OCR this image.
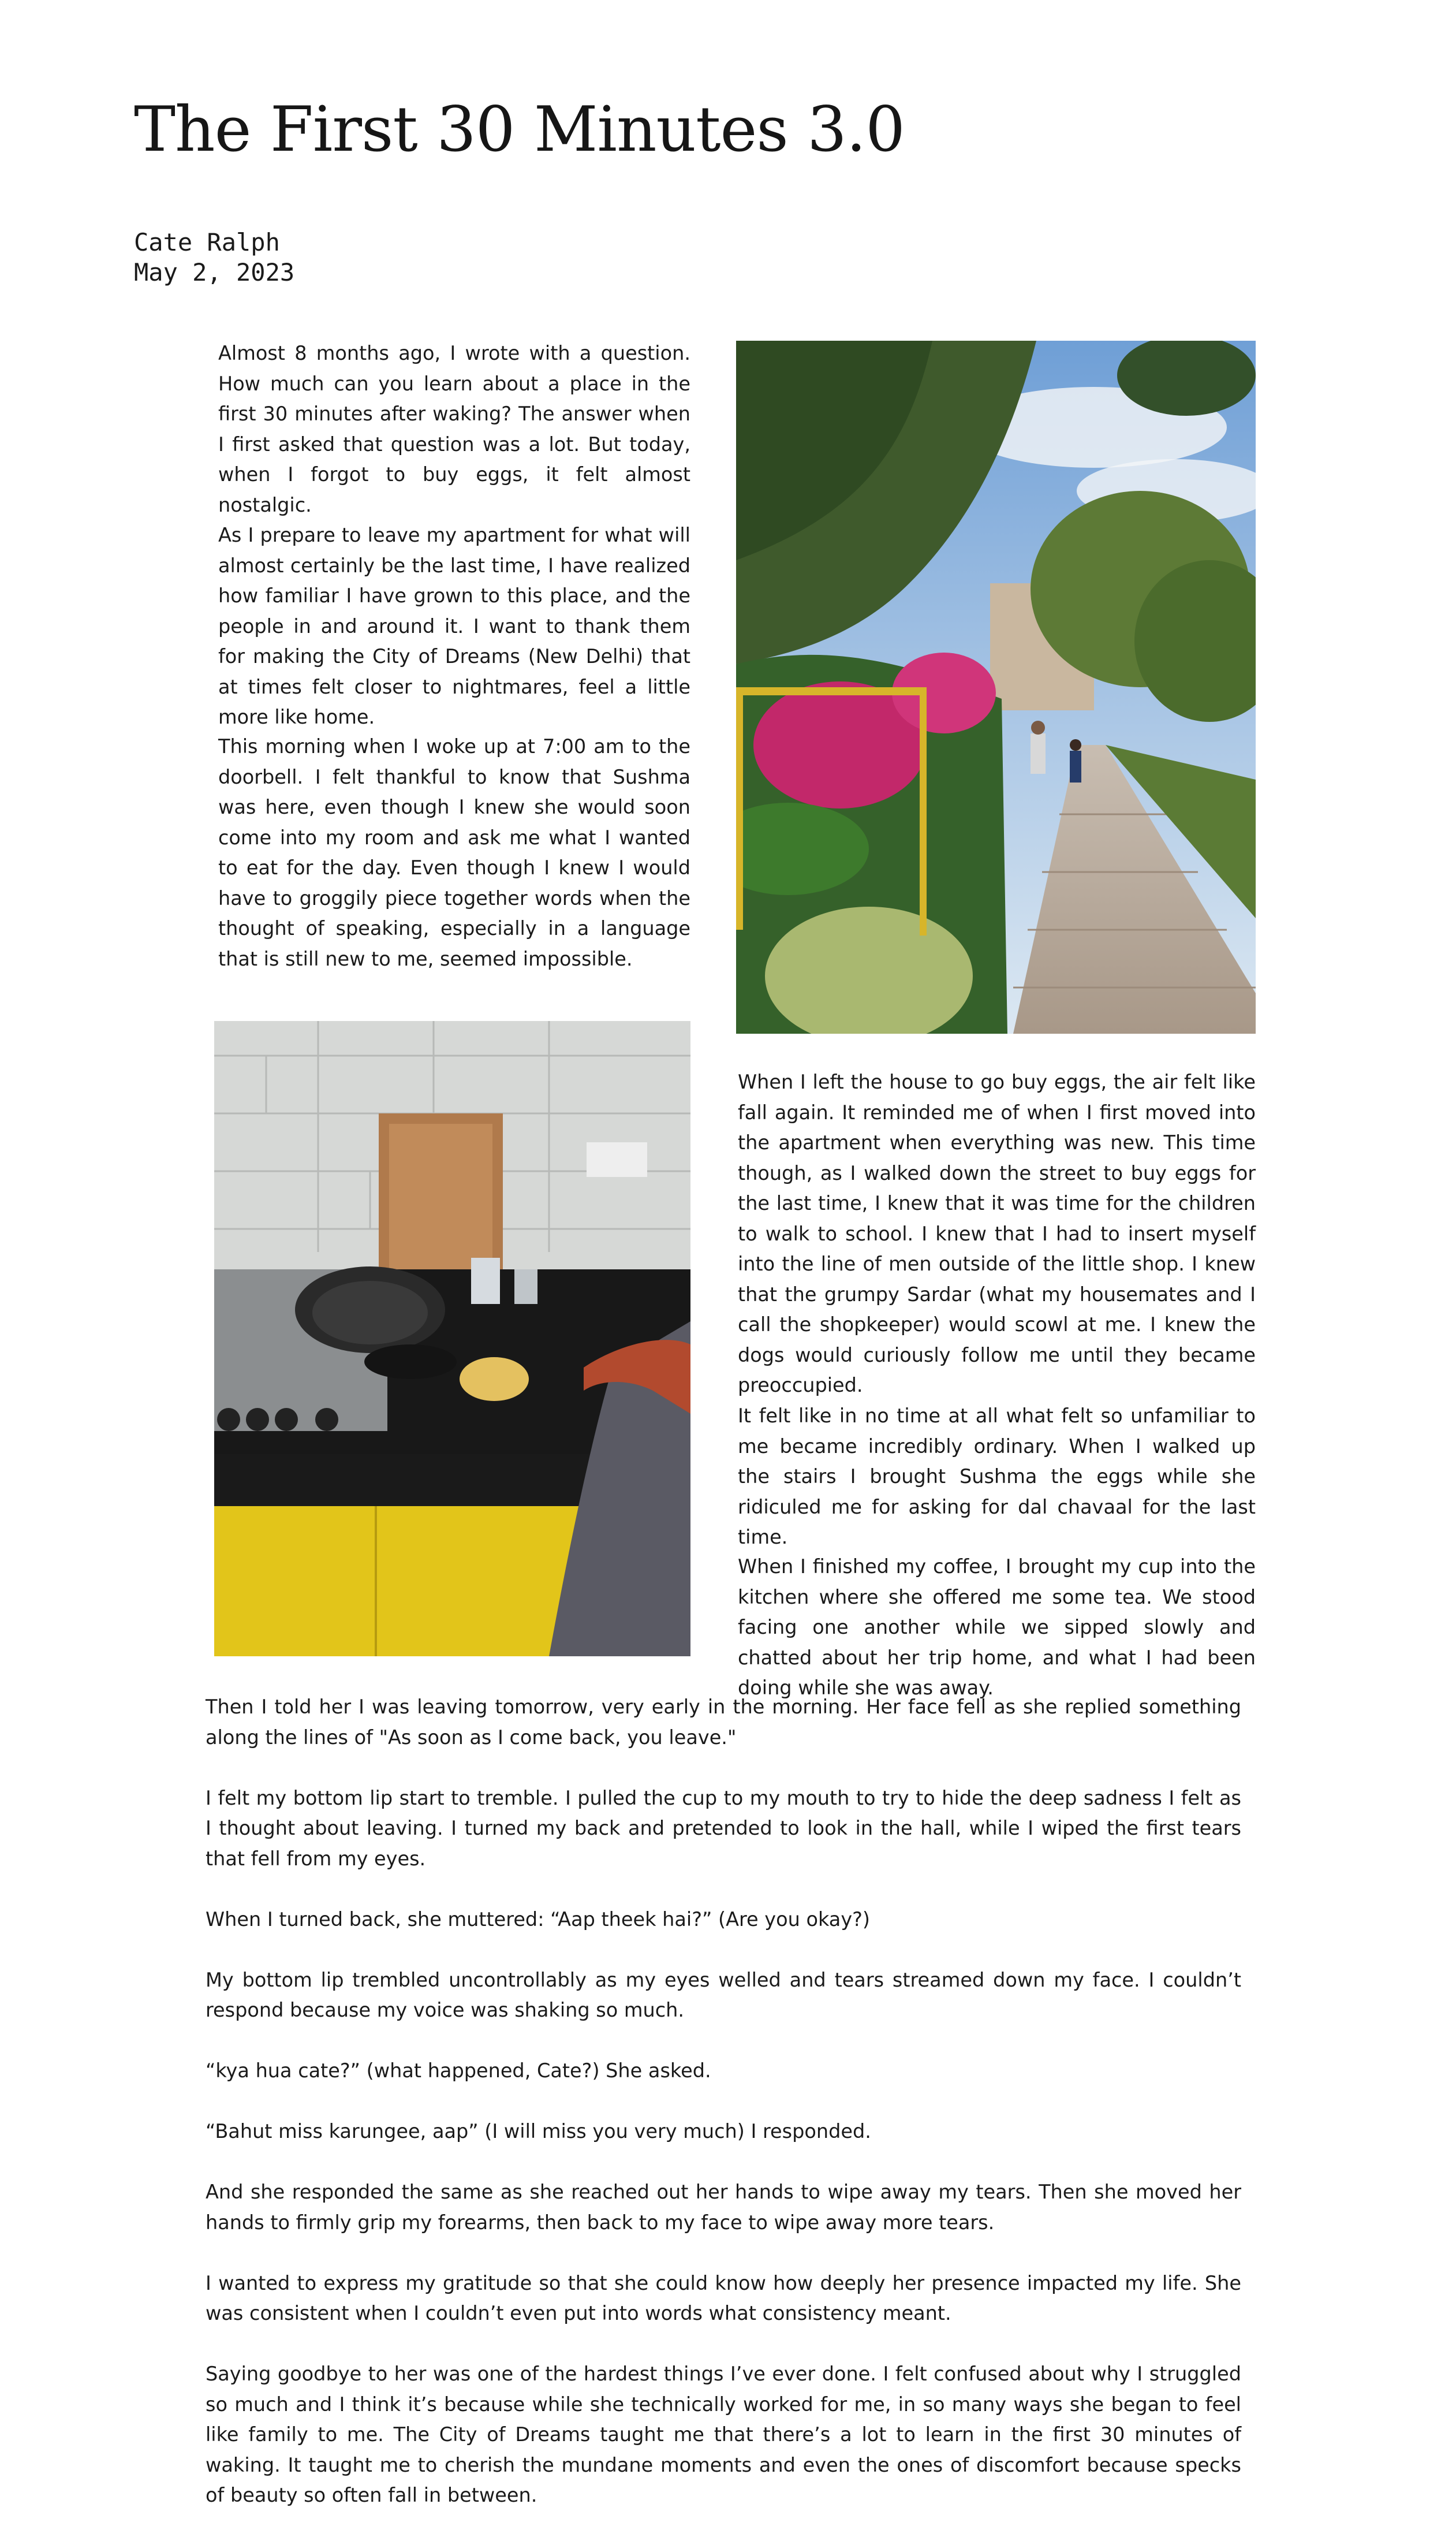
The First 30 Minutes 3.0
Cate Ralph
May 2, 2023

Almost 8 months ago, I wrote with a question. How much can you learn about a place in the first 30 minutes after waking? The answer when I first asked that question was a lot. But today, when I forgot to buy eggs, it felt almost nostalgic.

As I prepare to leave my apartment for what will almost certainly be the last time, I have realized how familiar I have grown to this place, and the people in and around it. I want to thank them for making the City of Dreams (New Delhi) that at times felt closer to nightmares, feel a little more like home.

This morning when I woke up at 7:00 am to the doorbell. I felt thankful to know that Sushma was here, even though I knew she would soon come into my room and ask me what I wanted to eat for the day. Even though I knew I would have to groggily piece together words when the thought of speaking, especially in a language that is still new to me, seemed impossible.

When I left the house to go buy eggs, the air felt like fall again. It reminded me of when I first moved into the apartment when everything was new. This time though, as I walked down the street to buy eggs for the last time, I knew that it was time for the children to walk to school. I knew that I had to insert myself into the line of men outside of the little shop. I knew that the grumpy Sardar (what my housemates and I call the shopkeeper) would scowl at me. I knew the dogs would curiously follow me until they became preoccupied.

It felt like in no time at all what felt so unfamiliar to me became incredibly ordinary. When I walked up the stairs I brought Sushma the eggs while she ridiculed me for asking for dal chavaal for the last time.

When I finished my coffee, I brought my cup into the kitchen where she offered me some tea. We stood facing one another while we sipped slowly and chatted about her trip home, and what I had been doing while she was away.

Then I told her I was leaving tomorrow, very early in the morning. Her face fell as she replied something along the lines of "As soon as I come back, you leave."

I felt my bottom lip start to tremble. I pulled the cup to my mouth to try to hide the deep sadness I felt as I thought about leaving. I turned my back and pretended to look in the hall, while I wiped the first tears that fell from my eyes.

When I turned back, she muttered: “Aap theek hai?” (Are you okay?)

My bottom lip trembled uncontrollably as my eyes welled and tears streamed down my face. I couldn’t respond because my voice was shaking so much.

“kya hua cate?” (what happened, Cate?) She asked.

“Bahut miss karungee, aap” (I will miss you very much) I responded.

And she responded the same as she reached out her hands to wipe away my tears. Then she moved her hands to firmly grip my forearms, then back to my face to wipe away more tears.

I wanted to express my gratitude so that she could know how deeply her presence impacted my life. She was consistent when I couldn’t even put into words what consistency meant.

Saying goodbye to her was one of the hardest things I’ve ever done. I felt confused about why I struggled so much and I think it’s because while she technically worked for me, in so many ways she began to feel like family to me. The City of Dreams taught me that there’s a lot to learn in the first 30 minutes of waking. It taught me to cherish the mundane moments and even the ones of discomfort because specks of beauty so often fall in between.
